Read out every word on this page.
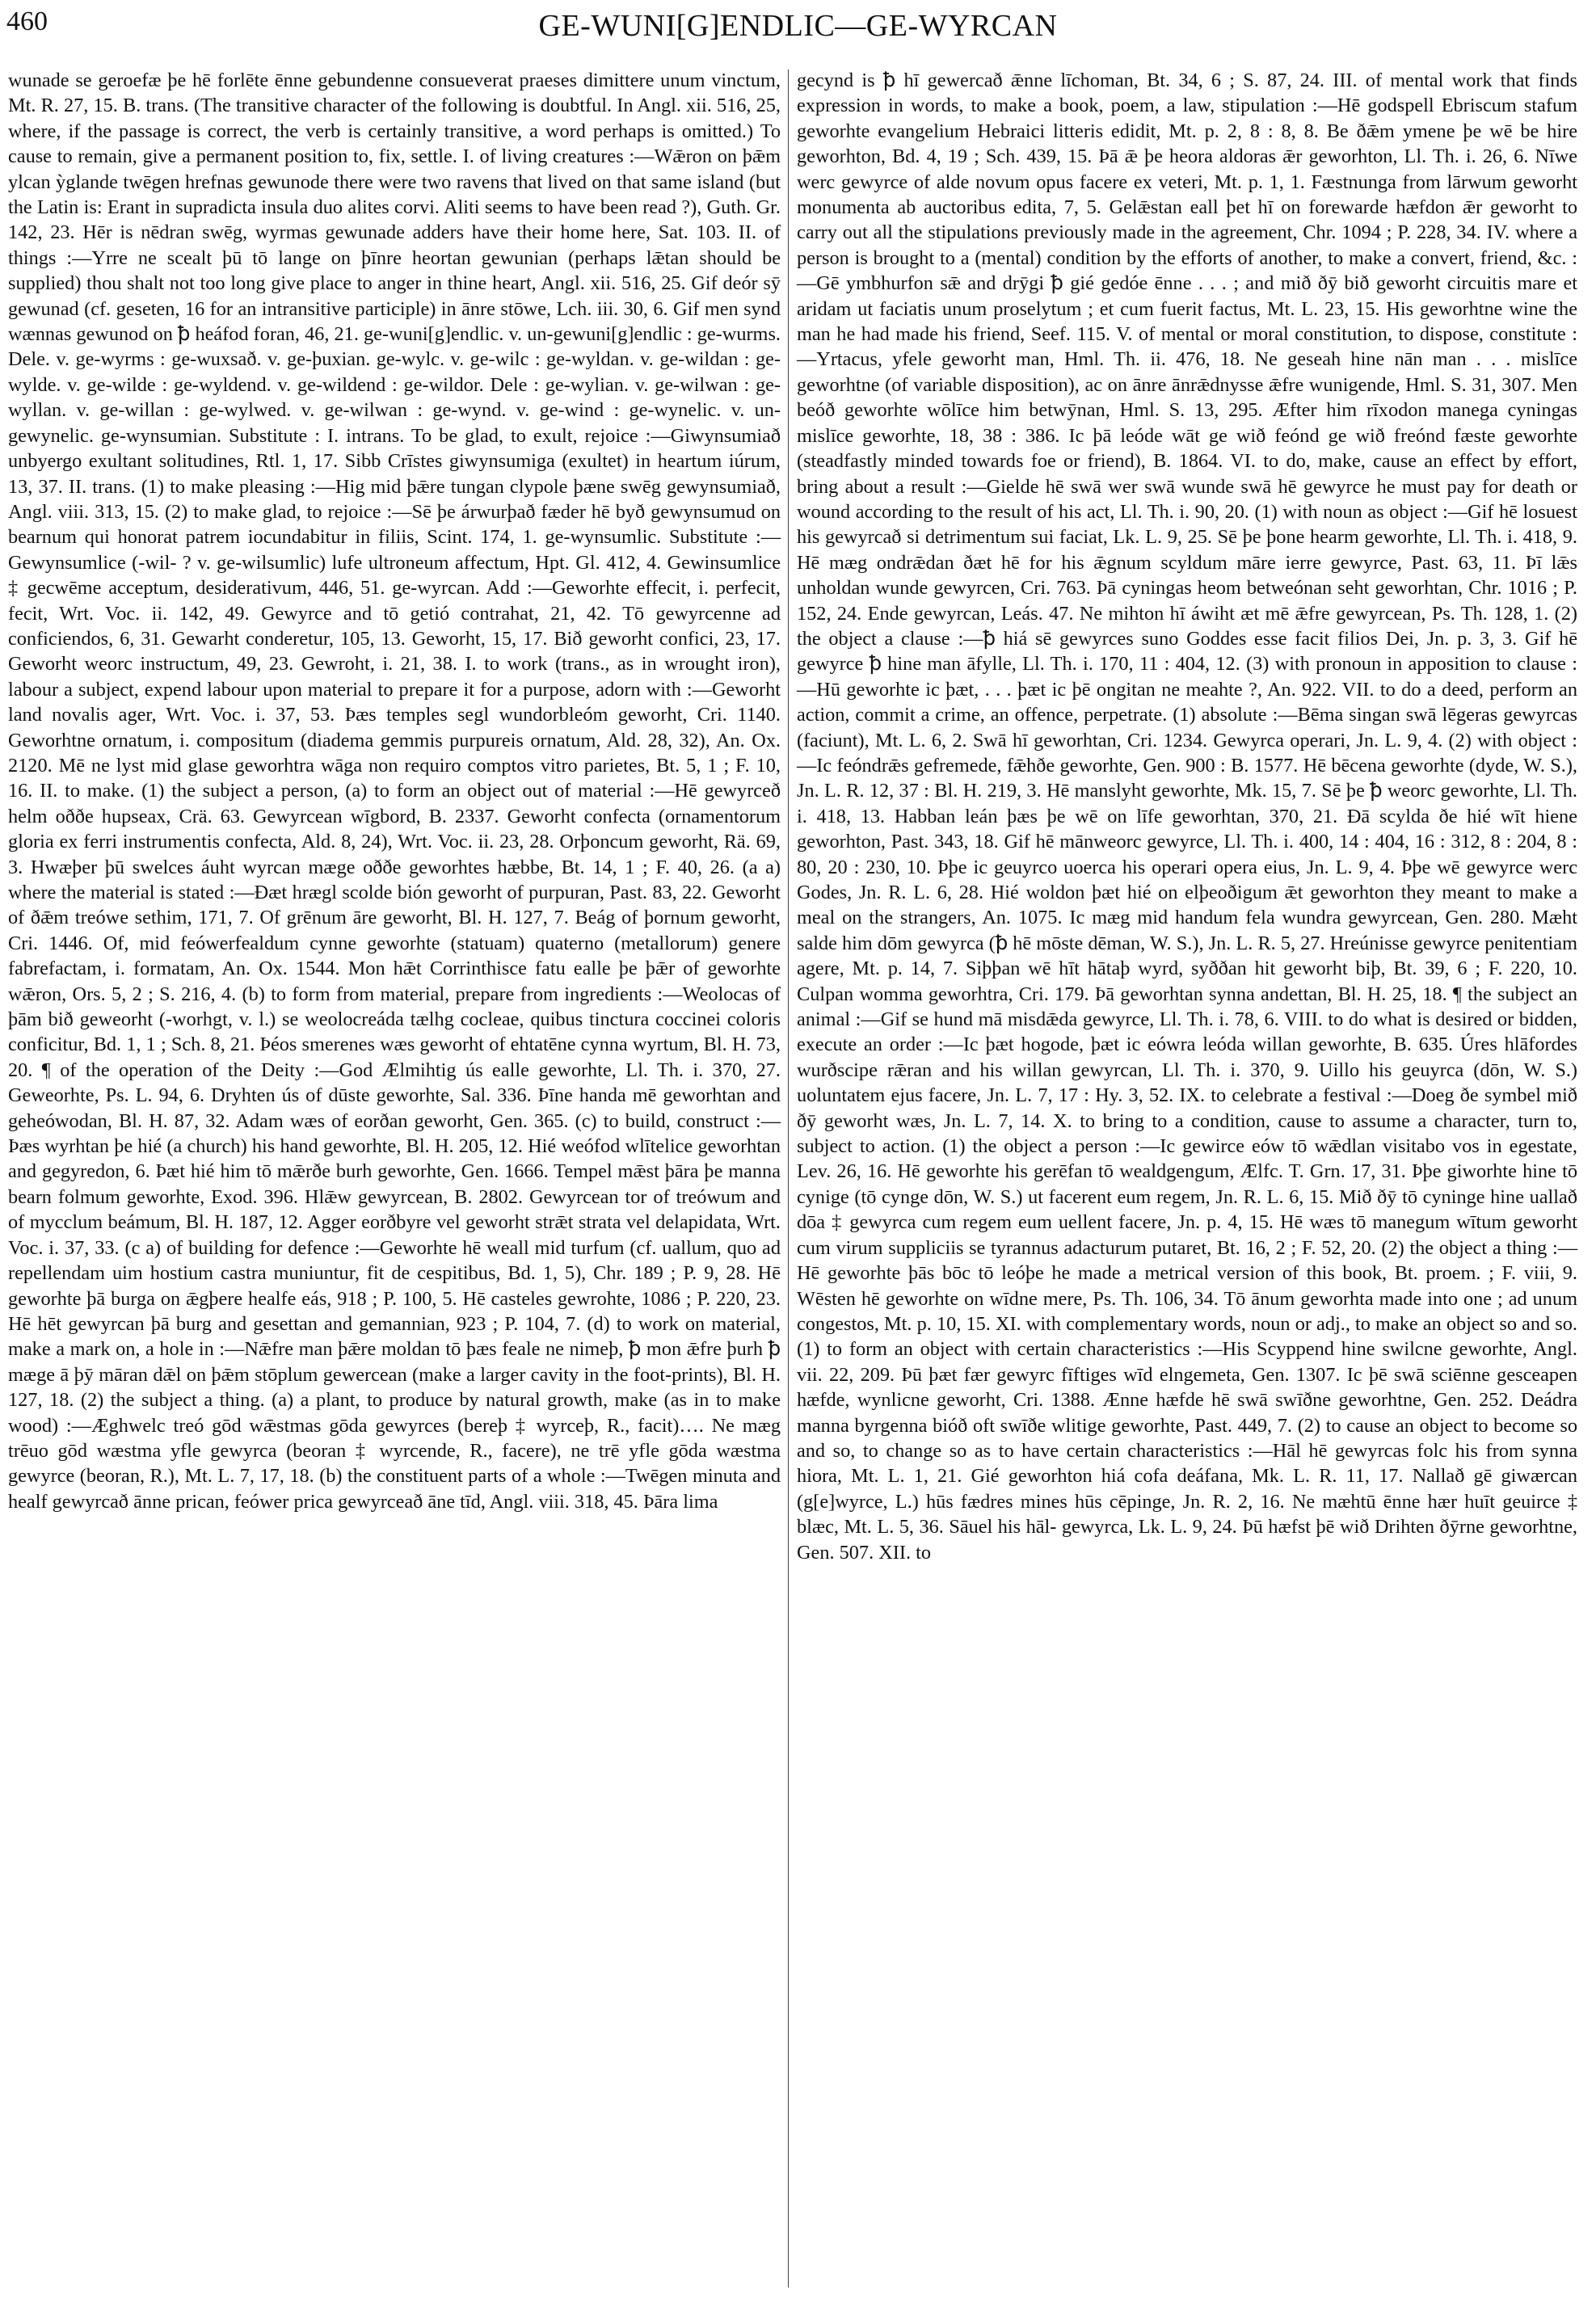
460	GE-WUNI[G]ENDLIC—GE-WYRCAN

wunade se geroefæ þe hē forlēte ēnne gebundenne consueverat praeses dimittere unum vinctum, Mt. R. 27, 15. B. trans. (The transitive character of the following is doubtful. In Angl. xii. 516, 25, where, if the passage is correct, the verb is certainly transitive, a word perhaps is omitted.) To cause to remain, give a permanent position to, fix, settle. I. of living creatures :—Wǣron on þǣm ylcan ỳglande twēgen hrefnas gewunode there were two ravens that lived on that same island (but the Latin is: Erant in supradicta insula duo alites corvi. Aliti seems to have been read ?), Guth. Gr. 142, 23. Hēr is nēdran swēg, wyrmas gewunade adders have their home here, Sat. 103. II. of things :—Yrre ne scealt þū tō lange on þīnre heortan gewunian (perhaps lǣtan should be supplied) thou shalt not too long give place to anger in thine heart, Angl. xii. 516, 25. Gif deór sȳ gewunad (cf. geseten, 16 for an intransitive participle) in ānre stōwe, Lch. iii. 30, 6. Gif men synd wænnas gewunod on ꝥ heáfod foran, 46, 21. ge-wuni[g]endlic. v. un-gewuni[g]endlic : ge-wurms. Dele. v. ge-wyrms : ge-wuxsað. v. ge-þuxian. ge-wylc. v. ge-wilc : ge-wyldan. v. ge-wildan : ge-wylde. v. ge-wilde : ge-wyldend. v. ge-wildend : ge-wildor. Dele : ge-wylian. v. ge-wilwan : ge-wyllan. v. ge-willan : ge-wylwed. v. ge-wilwan : ge-wynd. v. ge-wind : ge-wynelic. v. un-gewynelic. ge-wynsumian. Substitute : I. intrans. To be glad, to exult, rejoice :—Giwynsumiað unbyergo exultant solitudines, Rtl. 1, 17. Sibb Crīstes giwynsumiga (exultet) in heartum iúrum, 13, 37. II. trans. (1) to make pleasing :—Hig mid þǣre tungan clypole þæne swēg gewynsumiað, Angl. viii. 313, 15. (2) to make glad, to rejoice :—Sē þe árwurþað fæder hē byð gewynsumud on bearnum qui honorat patrem iocundabitur in filiis, Scint. 174, 1. ge-wynsumlic. Substitute :—Gewynsumlice (-wil- ? v. ge-wilsumlic) lufe ultroneum affectum, Hpt. Gl. 412, 4. Gewinsumlice ‡ gecwēme acceptum, desiderativum, 446, 51. ge-wyrcan. Add :—Geworhte effecit, i. perfecit, fecit, Wrt. Voc. ii. 142, 49. Gewyrce and tō getió contrahat, 21, 42. Tō gewyrcenne ad conficiendos, 6, 31. Gewarht conderetur, 105, 13. Geworht, 15, 17. Bið geworht confici, 23, 17. Geworht weorc instructum, 49, 23. Gewroht, i. 21, 38. I. to work (trans., as in wrought iron), labour a subject, expend labour upon material to prepare it for a purpose, adorn with :—Geworht land novalis ager, Wrt. Voc. i. 37, 53. Þæs temples segl wundorbleóm geworht, Cri. 1140. Geworhtne ornatum, i. compositum (diadema gemmis purpureis ornatum, Ald. 28, 32), An. Ox. 2120. Mē ne lyst mid glase geworhtra wāga non requiro comptos vitro parietes, Bt. 5, 1 ; F. 10, 16. II. to make. (1) the subject a person, (a) to form an object out of material :—Hē gewyrceð helm oððe hupseax, Crä. 63. Gewyrcean wīgbord, B. 2337. Geworht confecta (ornamentorum gloria ex ferri instrumentis confecta, Ald. 8, 24), Wrt. Voc. ii. 23, 28. Orþoncum geworht, Rä. 69, 3. Hwæþer þū swelces áuht wyrcan mæge oððe geworhtes hæbbe, Bt. 14, 1 ; F. 40, 26. (a a) where the material is stated :—Ðæt hrægl scolde bión geworht of purpuran, Past. 83, 22. Geworht of ðǣm treówe sethim, 171, 7. Of grēnum āre geworht, Bl. H. 127, 7. Beág of þornum geworht, Cri. 1446. Of, mid feówerfealdum cynne geworhte (statuam) quaterno (metallorum) genere fabrefactam, i. formatam, An. Ox. 1544. Mon hǣt Corrinthisce fatu ealle þe þǣr of geworhte wǣron, Ors. 5, 2 ; S. 216, 4. (b) to form from material, prepare from ingredients :—Weolocas of þām bið geweorht (-worhgt, v. l.) se weolocreáda tælhg cocleae, quibus tinctura coccinei coloris conficitur, Bd. 1, 1 ; Sch. 8, 21. Þéos smerenes wæs geworht of ehtatēne cynna wyrtum, Bl. H. 73, 20. ¶ of the operation of the Deity :—God Ælmihtig ús ealle geworhte, Ll. Th. i. 370, 27. Geweorhte, Ps. L. 94, 6. Dryhten ús of dūste geworhte, Sal. 336. Þīne handa mē geworhtan and geheówodan, Bl. H. 87, 32. Adam wæs of eorðan geworht, Gen. 365. (c) to build, construct :—Þæs wyrhtan þe hié (a church) his hand geworhte, Bl. H. 205, 12. Hié weófod wlītelice geworhtan and gegyredon, 6. Þæt hié him tō mǣrðe burh geworhte, Gen. 1666. Tempel mǣst þāra þe manna bearn folmum geworhte, Exod. 396. Hlǣw gewyrcean, B. 2802. Gewyrcean tor of treówum and of mycclum beámum, Bl. H. 187, 12. Agger eorðbyre vel geworht strǣt strata vel delapidata, Wrt. Voc. i. 37, 33. (c a) of building for defence :—Geworhte hē weall mid turfum (cf. uallum, quo ad repellendam uim hostium castra muniuntur, fit de cespitibus, Bd. 1, 5), Chr. 189 ; P. 9, 28. Hē geworhte þā burga on ǣgþere healfe eás, 918 ; P. 100, 5. Hē casteles gewrohte, 1086 ; P. 220, 23. Hē hēt gewyrcan þā burg and gesettan and gemannian, 923 ; P. 104, 7. (d) to work on material, make a mark on, a hole in :—Nǣfre man þǣre moldan tō þæs feale ne nimeþ, ꝥ mon ǣfre þurh ꝥ mæge ā þȳ māran dǣl on þǣm stōplum gewercean (make a larger cavity in the foot-prints), Bl. H. 127, 18. (2) the subject a thing. (a) a plant, to produce by natural growth, make (as in to make wood) :—Æghwelc treó gōd wǣstmas gōda gewyrces (bereþ ‡ wyrceþ, R., facit)…. Ne mæg trēuo gōd wæstma yfle gewyrca (beoran ‡ wyrcende, R., facere), ne trē yfle gōda wæstma gewyrce (beoran, R.), Mt. L. 7, 17, 18. (b) the constituent parts of a whole :—Twēgen minuta and healf gewyrcað ānne prican, feówer prica gewyrceað āne tīd, Angl. viii. 318, 45. Þāra lima

gecynd is ꝥ hī gewercað ǣnne līchoman, Bt. 34, 6 ; S. 87, 24. III. of mental work that finds expression in words, to make a book, poem, a law, stipulation :—Hē godspell Ebriscum stafum geworhte evangelium Hebraici litteris edidit, Mt. p. 2, 8 : 8, 8. Be ðǣm ymene þe wē be hire geworhton, Bd. 4, 19 ; Sch. 439, 15. Þā ǣ þe heora aldoras ǣr geworhton, Ll. Th. i. 26, 6. Nīwe werc gewyrce of alde novum opus facere ex veteri, Mt. p. 1, 1. Fæstnunga from lārwum geworht monumenta ab auctoribus edita, 7, 5. Gelǣstan eall þet hī on forewarde hæfdon ǣr geworht to carry out all the stipulations previously made in the agreement, Chr. 1094 ; P. 228, 34. IV. where a person is brought to a (mental) condition by the efforts of another, to make a convert, friend, &c. :—Gē ymbhurfon sǣ and drȳgi ꝥ gié gedóe ēnne . . . ; and mið ðȳ bið geworht circuitis mare et aridam ut faciatis unum proselytum ; et cum fuerit factus, Mt. L. 23, 15. His geworhtne wine the man he had made his friend, Seef. 115. V. of mental or moral constitution, to dispose, constitute :—Yrtacus, yfele geworht man, Hml. Th. ii. 476, 18. Ne geseah hine nān man . . . mislīce geworhtne (of variable disposition), ac on ānre ānrǣdnysse ǣfre wunigende, Hml. S. 31, 307. Men beóð geworhte wōlīce him betwȳnan, Hml. S. 13, 295. Æfter him rīxodon manega cyningas mislīce geworhte, 18, 38 : 386. Ic þā leóde wāt ge wið feónd ge wið freónd fæste geworhte (steadfastly minded towards foe or friend), B. 1864. VI. to do, make, cause an effect by effort, bring about a result :—Gielde hē swā wer swā wunde swā hē gewyrce he must pay for death or wound according to the result of his act, Ll. Th. i. 90, 20. (1) with noun as object :—Gif hē losuest his gewyrcað si detrimentum sui faciat, Lk. L. 9, 25. Sē þe þone hearm geworhte, Ll. Th. i. 418, 9. Hē mæg ondrǣdan ðæt hē for his ǣgnum scyldum māre ierre gewyrce, Past. 63, 11. Þī lǣs unholdan wunde gewyrcen, Cri. 763. Þā cyningas heom betweónan seht geworhtan, Chr. 1016 ; P. 152, 24. Ende gewyrcan, Leás. 47. Ne mihton hī áwiht æt mē ǣfre gewyrcean, Ps. Th. 128, 1. (2) the object a clause :—ꝥ hiá sē gewyrces suno Goddes esse facit filios Dei, Jn. p. 3, 3. Gif hē gewyrce ꝥ hine man āfylle, Ll. Th. i. 170, 11 : 404, 12. (3) with pronoun in apposition to clause :—Hū geworhte ic þæt, . . . þæt ic þē ongitan ne meahte ?, An. 922. VII. to do a deed, perform an action, commit a crime, an offence, perpetrate. (1) absolute :—Bēma singan swā lēgeras gewyrcas (faciunt), Mt. L. 6, 2. Swā hī geworhtan, Cri. 1234. Gewyrca operari, Jn. L. 9, 4. (2) with object :—Ic feóndrǣs gefremede, fǣhðe geworhte, Gen. 900 : B. 1577. Hē bēcena geworhte (dyde, W. S.), Jn. L. R. 12, 37 : Bl. H. 219, 3. Hē manslyht geworhte, Mk. 15, 7. Sē þe ꝥ weorc geworhte, Ll. Th. i. 418, 13. Habban leán þæs þe wē on līfe geworhtan, 370, 21. Ðā scylda ðe hié wīt hiene geworhton, Past. 343, 18. Gif hē mānweorc gewyrce, Ll. Th. i. 400, 14 : 404, 16 : 312, 8 : 204, 8 : 80, 20 : 230, 10. Þþe ic geuyrco uoerca his operari opera eius, Jn. L. 9, 4. Þþe wē gewyrce werc Godes, Jn. R. L. 6, 28. Hié woldon þæt hié on elþeoðigum ǣt geworhton they meant to make a meal on the strangers, An. 1075. Ic mæg mid handum fela wundra gewyrcean, Gen. 280. Mæht salde him dōm gewyrca (ꝥ hē mōste dēman, W. S.), Jn. L. R. 5, 27. Hreúnisse gewyrce penitentiam agere, Mt. p. 14, 7. Siþþan wē hīt hātaþ wyrd, syððan hit geworht biþ, Bt. 39, 6 ; F. 220, 10. Culpan womma geworhtra, Cri. 179. Þā geworhtan synna andettan, Bl. H. 25, 18. ¶ the subject an animal :—Gif se hund mā misdǣda gewyrce, Ll. Th. i. 78, 6. VIII. to do what is desired or bidden, execute an order :—Ic þæt hogode, þæt ic eówra leóda willan geworhte, B. 635. Úres hlāfordes wurðscipe rǣran and his willan gewyrcan, Ll. Th. i. 370, 9. Uillo his geuyrca (dōn, W. S.) uoluntatem ejus facere, Jn. L. 7, 17 : Hy. 3, 52. IX. to celebrate a festival :—Doeg ðe symbel mið ðȳ geworht wæs, Jn. L. 7, 14. X. to bring to a condition, cause to assume a character, turn to, subject to action. (1) the object a person :—Ic gewirce eów tō wǣdlan visitabo vos in egestate, Lev. 26, 16. Hē geworhte his gerēfan tō wealdgengum, Ælfc. T. Grn. 17, 31. Þþe giworhte hine tō cynige (tō cynge dōn, W. S.) ut facerent eum regem, Jn. R. L. 6, 15. Mið ðȳ tō cyninge hine uallað dōa ‡ gewyrca cum regem eum uellent facere, Jn. p. 4, 15. Hē wæs tō manegum wītum geworht cum virum suppliciis se tyrannus adacturum putaret, Bt. 16, 2 ; F. 52, 20. (2) the object a thing :—Hē geworhte þās bōc tō leóþe he made a metrical version of this book, Bt. proem. ; F. viii, 9. Wēsten hē geworhte on wīdne mere, Ps. Th. 106, 34. Tō ānum geworhta made into one ; ad unum congestos, Mt. p. 10, 15. XI. with complementary words, noun or adj., to make an object so and so. (1) to form an object with certain characteristics :—His Scyppend hine swilcne geworhte, Angl. vii. 22, 209. Þū þæt fær gewyrc fīftiges wīd elngemeta, Gen. 1307. Ic þē swā sciēnne gesceapen hæfde, wynlicne geworht, Cri. 1388. Ænne hæfde hē swā swīðne geworhtne, Gen. 252. Deádra manna byrgenna bióð oft swīðe wlitige geworhte, Past. 449, 7. (2) to cause an object to become so and so, to change so as to have certain characteristics :—Hāl hē gewyrcas folc his from synna hiora, Mt. L. 1, 21. Gié geworhton hiá cofa deáfana, Mk. L. R. 11, 17. Nallað gē giwærcan (g[e]wyrce, L.) hūs fædres mines hūs cēpinge, Jn. R. 2, 16. Ne mæhtū ēnne hær huīt geuirce ‡ blæc, Mt. L. 5, 36. Sāuel his hāl- gewyrca, Lk. L. 9, 24. Þū hæfst þē wið Drihten ðȳrne geworhtne, Gen. 507. XII. to
